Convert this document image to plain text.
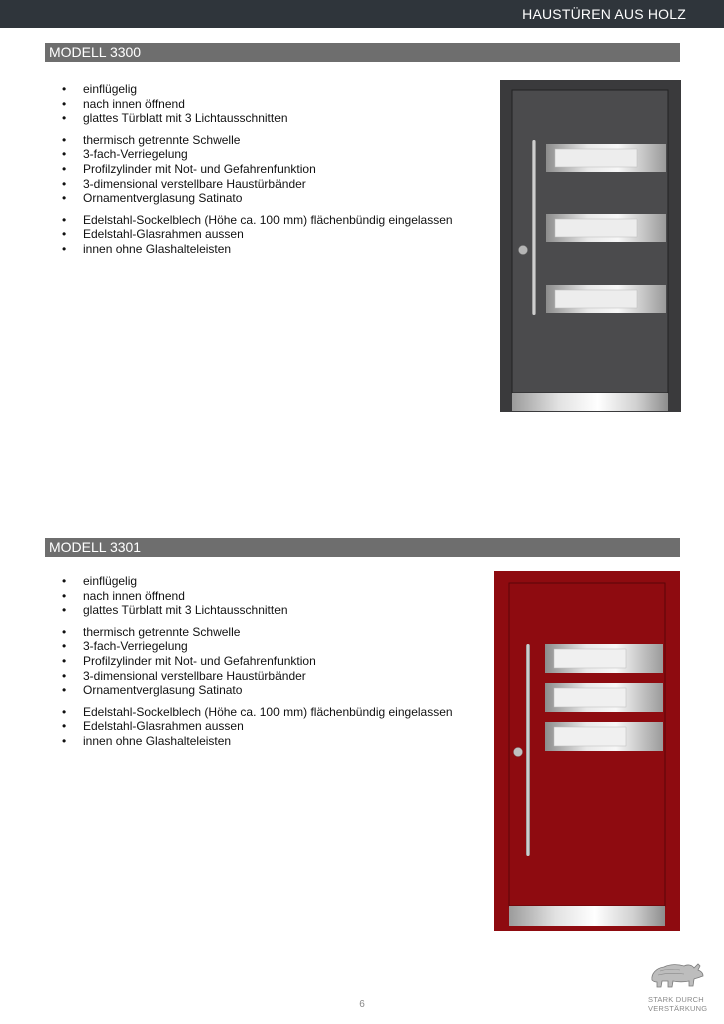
HAUSTÜREN AUS HOLZ
MODELL 3300
• einflügelig
• nach innen öffnend
• glattes Türblatt mit 3 Lichtausschnitten
• thermisch getrennte Schwelle
• 3-fach-Verriegelung
• Profilzylinder mit Not- und Gefahrenfunktion
• 3-dimensional verstellbare Haustürbänder
• Ornamentverglasung Satinato
• Edelstahl-Sockelblech (Höhe ca. 100 mm) flächenbündig eingelassen
• Edelstahl-Glasrahmen aussen
• innen ohne Glashalteleisten
MODELL 3301
• einflügelig
• nach innen öffnend
• glattes Türblatt mit 3 Lichtausschnitten
• thermisch getrennte Schwelle
• 3-fach-Verriegelung
• Profilzylinder mit Not- und Gefahrenfunktion
• 3-dimensional verstellbare Haustürbänder
• Ornamentverglasung Satinato
• Edelstahl-Sockelblech (Höhe ca. 100 mm) flächenbündig eingelassen
• Edelstahl-Glasrahmen aussen
• innen ohne Glashalteleisten
6	STARK DURCH
VERSTÄRKUNG
